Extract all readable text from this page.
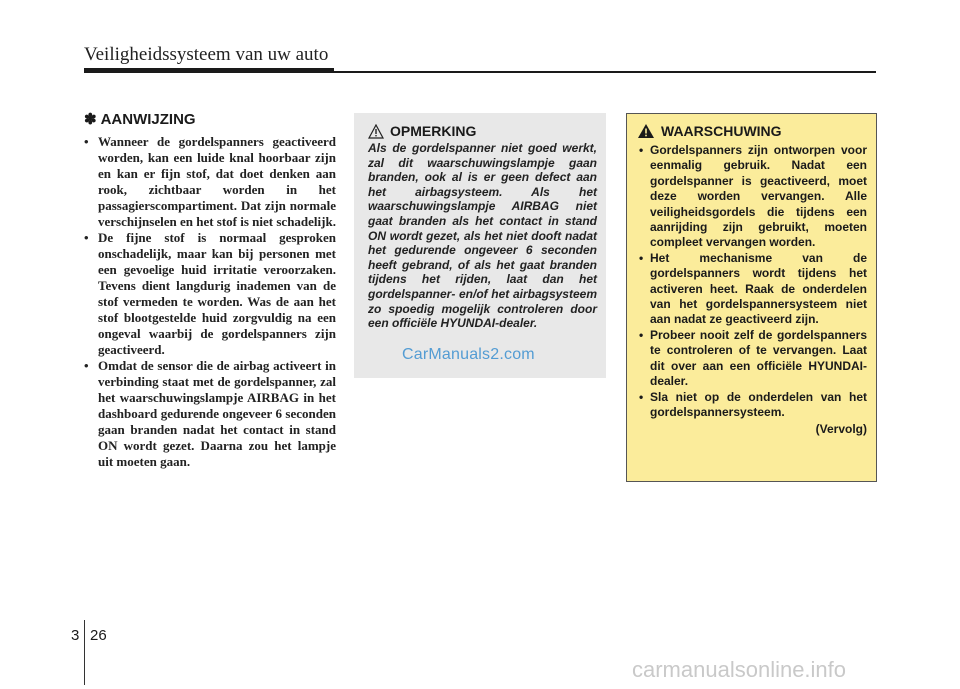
Veiligheidssysteem van uw auto
✽ AANWIJZING
• Wanneer de gordelspanners geactiveerd worden, kan een luide knal hoorbaar zijn en kan er fijn stof, dat doet denken aan rook, zichtbaar worden in het passagierscompartiment. Dat zijn normale verschijnselen en het stof is niet schadelijk.
• De fijne stof is normaal gesproken onschadelijk, maar kan bij personen met een gevoelige huid irritatie veroorzaken. Tevens dient langdurig inademen van de stof vermeden te worden. Was de aan het stof blootgestelde huid zorgvuldig na een ongeval waarbij de gordelspanners zijn geactiveerd.
• Omdat de sensor die de airbag activeert in verbinding staat met de gordelspanner, zal het waarschuwingslampje AIRBAG in het dashboard gedurende ongeveer 6 seconden gaan branden nadat het contact in stand ON wordt gezet. Daarna zou het lampje uit moeten gaan.
OPMERKING

Als de gordelspanner niet goed werkt, zal dit waarschuwingslampje gaan branden, ook al is er geen defect aan het airbagsysteem. Als het waarschuwingslampje AIRBAG niet gaat branden als het contact in stand ON wordt gezet, als het niet dooft nadat het gedurende ongeveer 6 seconden heeft gebrand, of als het gaat branden tijdens het rijden, laat dan het gordelspanner- en/of het airbagsysteem zo spoedig mogelijk controleren door een officiële HYUNDAI-dealer.

CarManuals2.com
WAARSCHUWING
• Gordelspanners zijn ontworpen voor eenmalig gebruik. Nadat een gordelspanner is geactiveerd, moet deze worden vervangen. Alle veiligheidsgordels die tijdens een aanrijding zijn gebruikt, moeten compleet vervangen worden.
• Het mechanisme van de gordelspanners wordt tijdens het activeren heet. Raak de onderdelen van het gordelspannersysteem niet aan nadat ze geactiveerd zijn.
• Probeer nooit zelf de gordelspanners te controleren of te vervangen. Laat dit over aan een officiële HYUNDAI-dealer.
• Sla niet op de onderdelen van het gordelspannersysteem.
(Vervolg)
3 26
carmanualsonline.info
